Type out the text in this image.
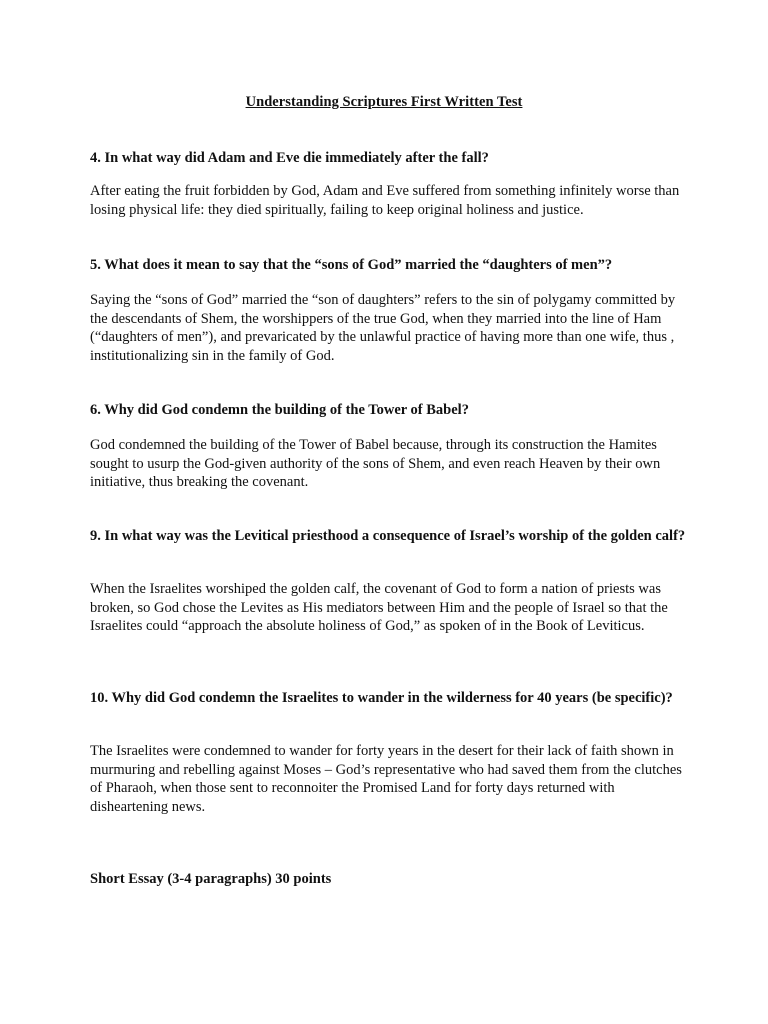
Understanding Scriptures First Written Test

4. In what way did Adam and Eve die immediately after the fall?

After eating the fruit forbidden by God, Adam and Eve suffered from something infinitely worse than losing physical life: they died spiritually, failing to keep original holiness and justice.

5. What does it mean to say that the “sons of God” married the “daughters of men”?

Saying the “sons of God” married the “son of daughters” refers to the sin of polygamy committed by the descendants of Shem, the worshippers of the true God, when they married into the line of Ham (“daughters of men”), and prevaricated by the unlawful practice of having more than one wife, thus , institutionalizing sin in the family of God.

6. Why did God condemn the building of the Tower of Babel?

God condemned the building of the Tower of Babel because, through its construction the Hamites sought to usurp the God-given authority of the sons of Shem, and even reach Heaven by their own initiative, thus breaking the covenant.

9. In what way was the Levitical priesthood a consequence of Israel’s worship of the golden calf?

When the Israelites worshiped the golden calf, the covenant of God to form a nation of priests was broken, so God chose the Levites as His mediators between Him and the people of Israel so that the Israelites could “approach the absolute holiness of God,” as spoken of in the Book of Leviticus.

10. Why did God condemn the Israelites to wander in the wilderness for 40 years (be specific)?

The Israelites were condemned to wander for forty years in the desert for their lack of faith shown in murmuring and rebelling against Moses – God’s representative who had saved them from the clutches of Pharaoh, when those sent to reconnoiter the Promised Land for forty days returned with disheartening news.

Short Essay (3-4 paragraphs) 30 points
